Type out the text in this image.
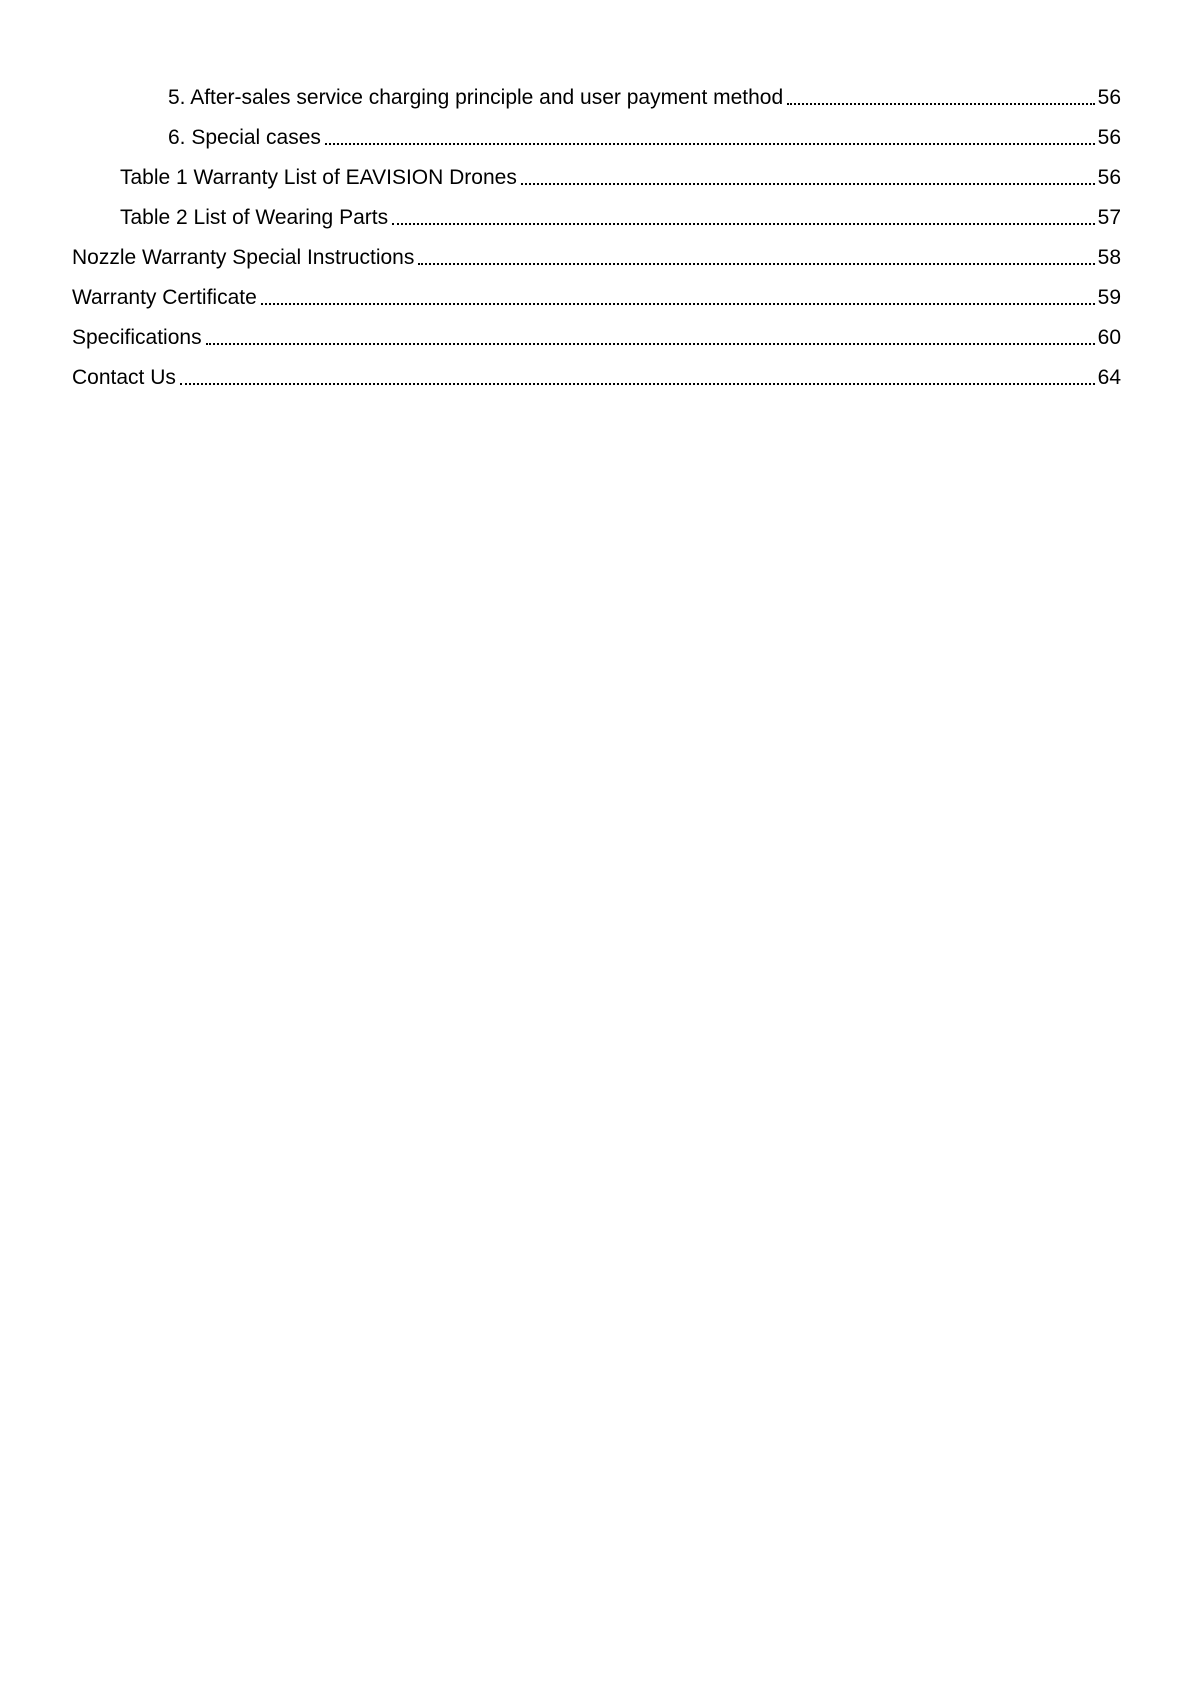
5. After-sales service charging principle and user payment method	56
6. Special cases	56
Table 1 Warranty List of EAVISION Drones	56
Table 2 List of Wearing Parts	57
Nozzle Warranty Special Instructions	58
Warranty Certificate	59
Specifications	60
Contact Us	64
